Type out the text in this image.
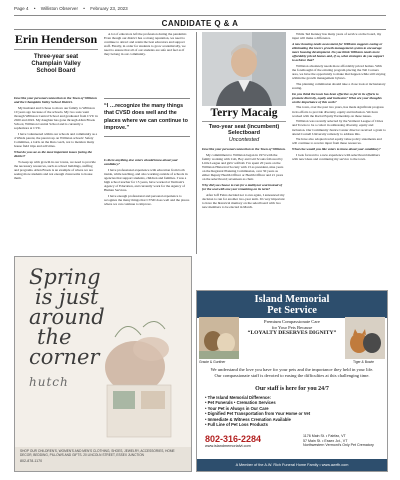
Page 4 • Williston Observer • February 23, 2023
CANDIDATE Q & A
Erin Henderson
Three-year seat
Champlain Valley
School Board

Describe your personal connection to the Town of Williston and the Champlain Valley School District.

My husband and I chose to move our family to Williston 10 years ago because of the schools. My two sons went through Williston Central School and graduated from CVU in 2020 and 2022. My daughter has gone through Allen Brook School, Williston Central School and is currently a sophomore at CVU.

I have volunteered within our schools and community as a 4 Winds parent, the parent rep on Williston schools' Safety Committee, a Girls on the Run coach, not to mention many house field trips and activities.

What do you see as the most important issues facing the district?

To keep up with growth in our towns, we need to provide the necessary resources, such as school buildings, staffing and programs. Allen Brook is an example of where we are seeing more students and not enough classrooms to house them.

A lot of educators left the profession during the pandemic. Even though our district has a strong reputation, we need to continue to attract and retain the best educators and support staff. Finally, in order for students to grow academically, we need to ensure that all of our students are safe and feel as if they belong in our community.

“I …recognize the many things that CVSD does well and the places where we can continue to improve.”

Is there anything else voters should know about your candidacy?

I have professional experience with education from both inside, while teaching, and also working outside of schools in agencies that support students, children and families. I was a high school teacher for 15 years, have worked at Vermont's Agency of Education, and currently work for the Agency of Human Services.

I have enough professional and personal experience to recognize the many things that CVSD does well and the places where we can continue to improve.

Terry Macaig
Two-year seat (incumbent)
Selectboard
Uncontested

Describe your personal connection to the Town of Williston.

My commitment to Williston began in 1974 with the family working with Cub, Boy and Girl Scouts followed by Little League and girls' softball. I've spent 20 years on the Williston Historical Society with 13 as president, nine years on the Regional Planning Commission, over 30 years as either Deputy Health Officer or Health Officer and 21 years on the selectboard; seventeen as chair.

Why did you choose to run for a multiyear seat instead of for the seat with one year remaining on its term?

After Jeff Fehrs decided not to run again, I announced my decision to run for another two-year term. It's very important to have the historical memory on the selectboard with two new members to be elected in March.

While Ted Kenney has many years of service on the board, my input will make a difference.

A new housing needs assessment for Williston suggests easing or eliminating the town's growth management system to encourage more housing development. Do you think Williston needs more affordably priced homes and, if so, what strategies do you support to achieve that?

Williston absolutely needs more affordably priced homes. With the forethought of the existing program placing the Tall Corners area, we have the opportunity to make that happen while still staying within the growth management bylaws.

The planning commission should take a close look at inclusionary zoning.

Do you think the town has been effective so far in its efforts to promote diversity, equity and inclusion? What are your thoughts on the importance of this work?

The town, over the past two years, has made significant progress in its efforts to provide diversity, equity and inclusion. We have worked with the Racial Equity Partnership on these issues.

Williston was recently selected by the Vermont League of Cities and Towns to be a cohort in addressing diversity, equity and inclusion. Our Community Justice Center director received a grant to attend Cornell University remotely to address this.

We have also adopted racial equity value policy statements and will continue to receive input from these resources.

What else would you like voters to know about your candidacy?

I look forward to a new experience with selectboard members with new ideas and continuing my service to the town.

Spring
is just
around
the
corner
hutch
SHOP OUR CHILDREN'S, WOMEN'S AND MEN'S CLOTHING, SHOES, JEWELRY, ACCESSORIES, HOME DECOR, BEDDING, PILLOWS AND GIFTS. 20 LINCOLN STREET, ESSEX JUNCTION
802-878-1170
Island Memorial
Pet Service
Premium Compassionate Care
for Your Pets Because
“LOYALTY DESERVES DIGNITY”
Gracie & Gunther	Tiger & Bowie
We understand the love you have for your pets and the importance they held in your life. Our compassionate staff is devoted to easing the difficulties at this challenging time.
Our staff is here for you 24/7
• The Island Memorial Difference:
• Pet Funerals • Cremation Services
• Your Pet is Always in Our Care
• Dignified Pet Transportation from Your Home or Vet
• Immediate & Witness Cremation Available
• Full Line of Pet Loss Products
802-316-2284
www.islandmemorialvt.com
1176 Main St. • Fairfax, VT
57 Main St. • Essex Jct., VT
Northwestern Vermont's Only Pet Crematory
A Member of the A.W. Rich Funeral Home Family • www.awrfh.com
